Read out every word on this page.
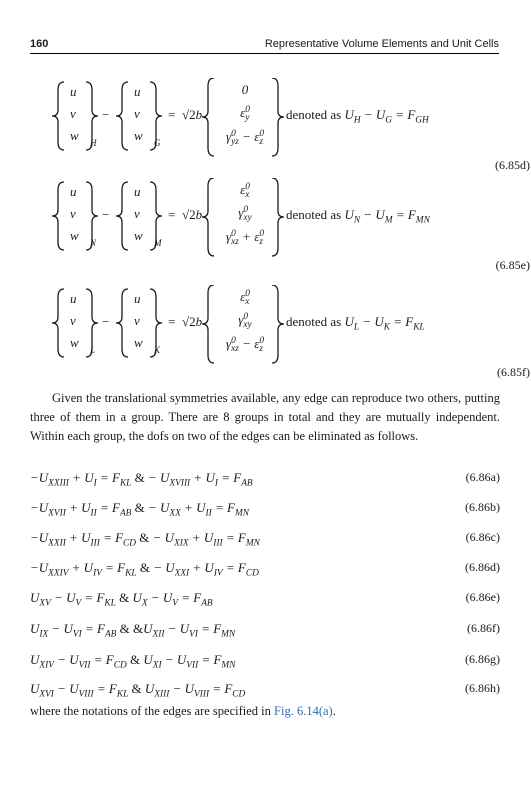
160	Representative Volume Elements and Unit Cells
u
v
w H
−
u
v
w G
= √2b
0
ε 0
y
γ 0
yz − ε 0
z
denoted as $U_H - U_G = F_{GH}$
(6.85d)
u
v
w N
−
u
v
w M
= √2b
ε 0
x
γ 0
xy
γ 0
xz + ε 0
z
denoted as $U_N - U_M = F_{MN}$
(6.85e)
u
v
w L
−
u
v
w K
= √2b
ε 0
x
γ 0
xy
γ 0
xz − ε 0
z
denoted as $U_L - U_K = F_{KL}$
(6.85f)
Given the translational symmetries available, any edge can reproduce two others, putting three of them in a group. There are 8 groups in total and they are mutually independent. Within each group, the dofs on two of the edges can be eliminated as follows.
$-U_{XXIII} + U_I = F_{KL}$ & − $U_{XVIII} + U_I = F_{AB}$	(6.86a)
$-U_{XVII} + U_{II} = F_{AB}$ & − $U_{XX} + U_{II} = F_{MN}$	(6.86b)
$-U_{XXII} + U_{III} = F_{CD}$ & − $U_{XIX} + U_{III} = F_{MN}$	(6.86c)
$-U_{XXIV} + U_{IV} = F_{KL}$ & − $U_{XXI} + U_{IV} = F_{CD}$	(6.86d)
$U_{XV} - U_V = F_{KL}$ & $U_X - U_V = F_{AB}$	(6.86e)
$U_{IX} - U_{VI} = F_{AB}$ & $\&U_{XII} - U_{VI} = F_{MN}$	(6.86f)
$U_{XIV} - U_{VII} = F_{CD}$ & $U_{XI} - U_{VII} = F_{MN}$	(6.86g)
$U_{XVI} - U_{VIII} = F_{KL}$ & $U_{XIII} - U_{VIII} = F_{CD}$	(6.86h)
where the notations of the edges are specified in Fig. 6.14(a).
